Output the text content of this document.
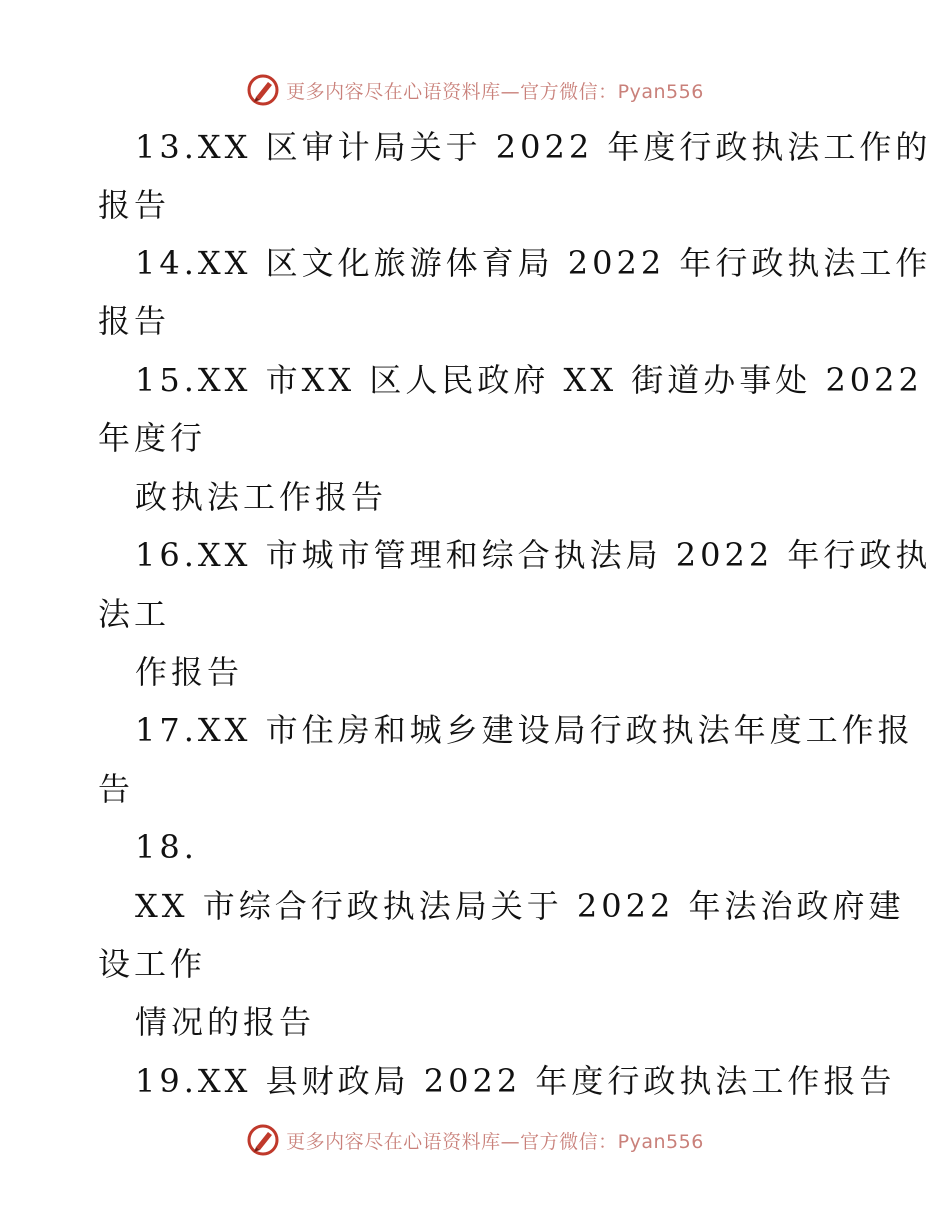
更多内容尽在心语资料库—官方微信：Pyan556
13.XX 区审计局关于 2022 年度行政执法工作的
报告
14.XX 区文化旅游体育局 2022 年行政执法工作
报告
15.XX 市XX 区人民政府 XX 街道办事处 2022
年度行
政执法工作报告
16.XX 市城市管理和综合执法局 2022 年行政执
法工
作报告
17.XX 市住房和城乡建设局行政执法年度工作报
告
18.
XX 市综合行政执法局关于 2022 年法治政府建
设工作
情况的报告
19.XX 县财政局 2022 年度行政执法工作报告
更多内容尽在心语资料库—官方微信：Pyan556
